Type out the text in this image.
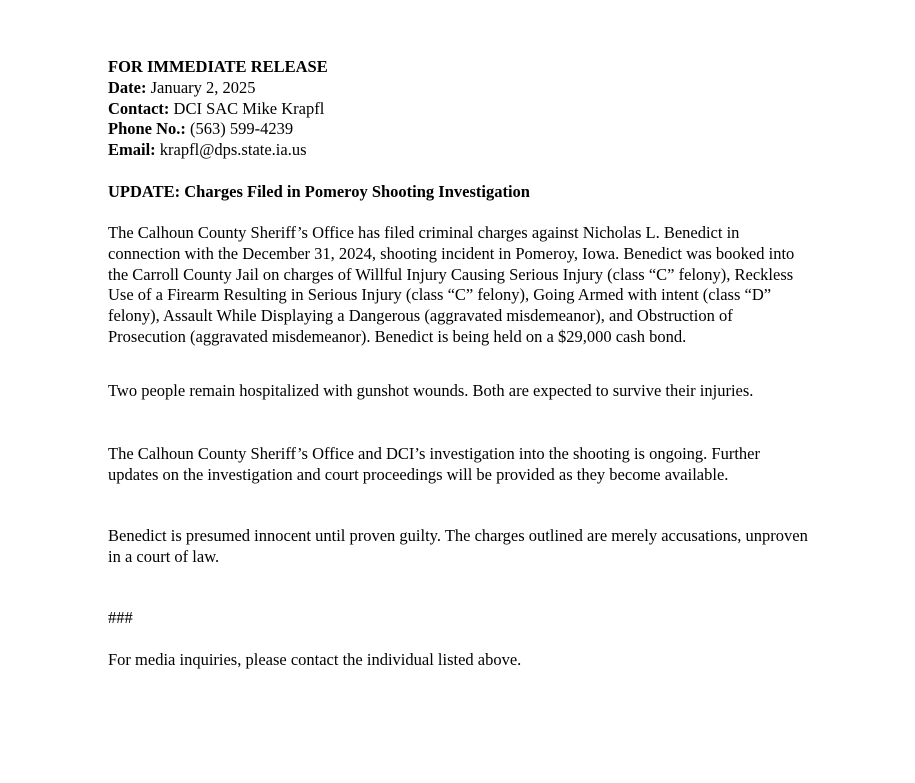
FOR IMMEDIATE RELEASE

Date: January 2, 2025

Contact: DCI SAC Mike Krapfl

Phone No.: (563) 599-4239

Email: krapfl@dps.state.ia.us

UPDATE: Charges Filed in Pomeroy Shooting Investigation

The Calhoun County Sheriff’s Office has filed criminal charges against Nicholas L. Benedict in connection with the December 31, 2024, shooting incident in Pomeroy, Iowa. Benedict was booked into the Carroll County Jail on charges of Willful Injury Causing Serious Injury (class “C” felony), Reckless Use of a Firearm Resulting in Serious Injury (class “C” felony), Going Armed with intent (class “D” felony), Assault While Displaying a Dangerous (aggravated misdemeanor), and Obstruction of Prosecution (aggravated misdemeanor). Benedict is being held on a $29,000 cash bond.

Two people remain hospitalized with gunshot wounds. Both are expected to survive their injuries.

The Calhoun County Sheriff’s Office and DCI’s investigation into the shooting is ongoing. Further updates on the investigation and court proceedings will be provided as they become available.

Benedict is presumed innocent until proven guilty. The charges outlined are merely accusations, unproven in a court of law.

###

For media inquiries, please contact the individual listed above.
